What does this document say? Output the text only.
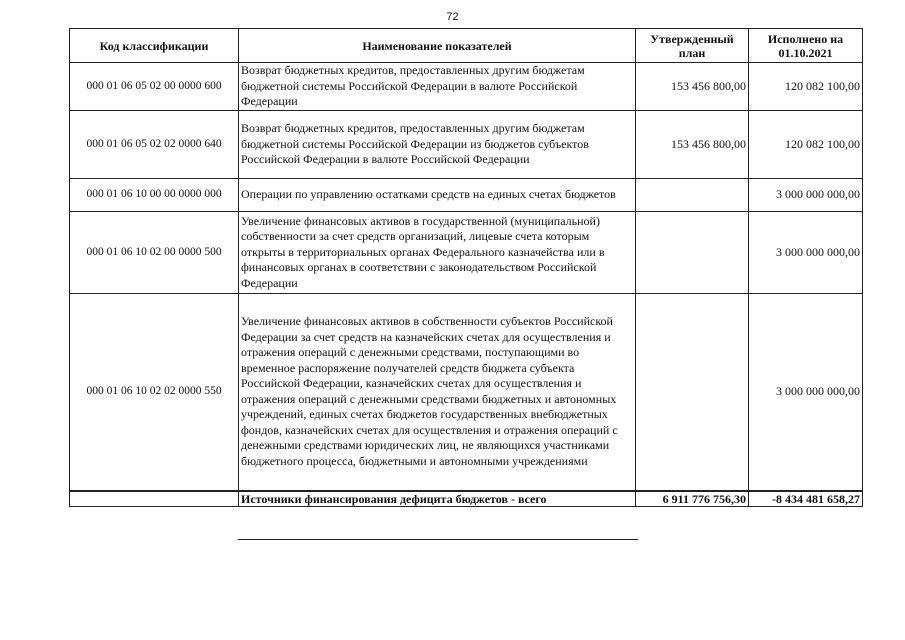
72
Код классификации	Наименование показателей	Утвержденный план	Исполнено на 01.10.2021
000 01 06 05 02 00 0000 600	Возврат бюджетных кредитов, предоставленных другим бюджетам бюджетной системы Российской Федерации в валюте Российской Федерации	153 456 800,00	120 082 100,00
000 01 06 05 02 02 0000 640	Возврат бюджетных кредитов, предоставленных другим бюджетам бюджетной системы Российской Федерации из бюджетов субъектов Российской Федерации в валюте Российской Федерации	153 456 800,00	120 082 100,00
000 01 06 10 00 00 0000 000	Операции по управлению остатками средств на единых счетах бюджетов		3 000 000 000,00
000 01 06 10 02 00 0000 500	Увеличение финансовых активов в государственной (муниципальной) собственности за счет средств организаций, лицевые счета которым открыты в территориальных органах Федерального казначейства или в финансовых органах в соответствии с законодательством Российской Федерации		3 000 000 000,00
000 01 06 10 02 02 0000 550	Увеличение финансовых активов в собственности субъектов Российской Федерации за счет средств на казначейских счетах для осуществления и отражения операций с денежными средствами, поступающими во временное распоряжение получателей средств бюджета субъекта Российской Федерации, казначейских счетах для осуществления и отражения операций с денежными средствами бюджетных и автономных учреждений, единых счетах бюджетов государственных внебюджетных фондов, казначейских счетах для осуществления и отражения операций с денежными средствами юридических лиц, не являющихся участниками бюджетного процесса, бюджетными и автономными учреждениями		3 000 000 000,00
	Источники финансирования дефицита бюджетов - всего	6 911 776 756,30	-8 434 481 658,27
